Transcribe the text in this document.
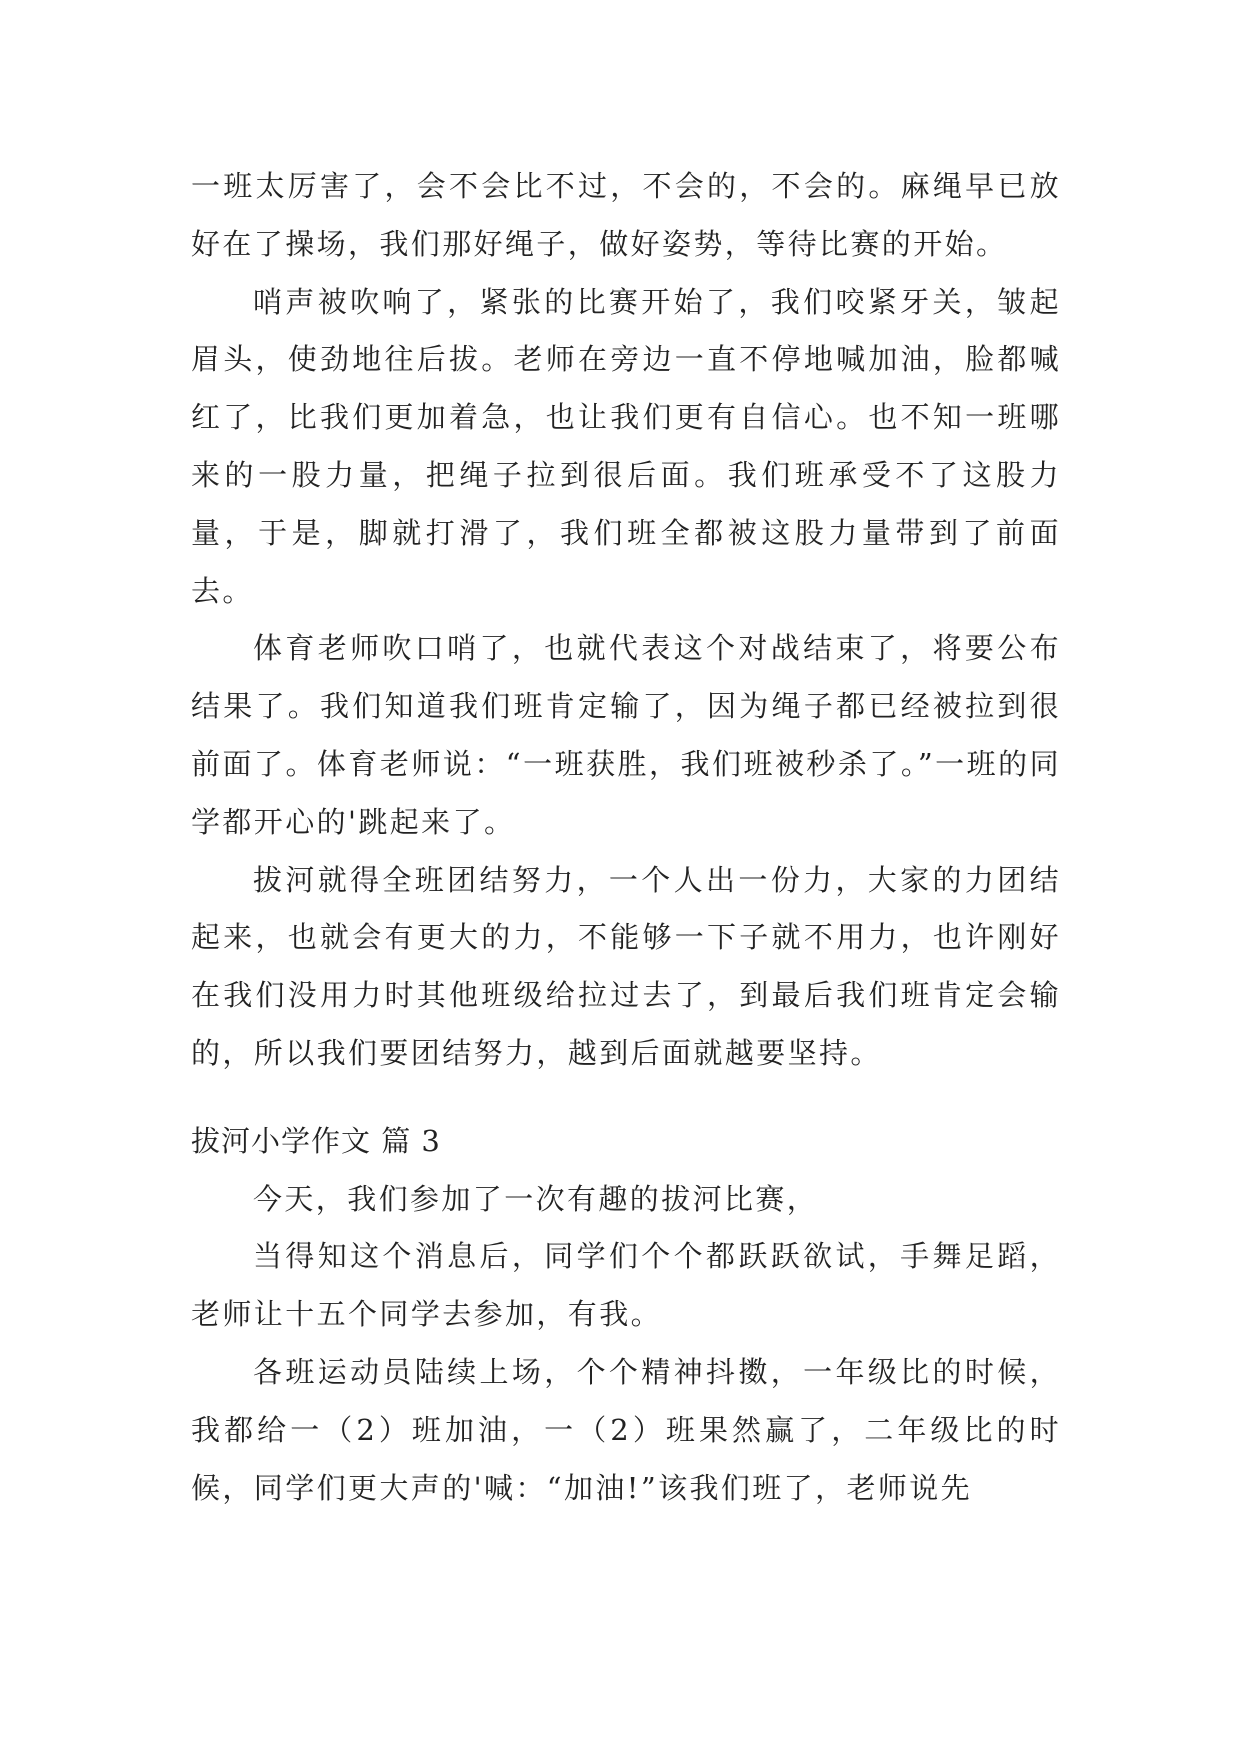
一班太厉害了，会不会比不过，不会的，不会的。麻绳早已放好在了操场，我们那好绳子，做好姿势，等待比赛的开始。

哨声被吹响了，紧张的比赛开始了，我们咬紧牙关，皱起眉头，使劲地往后拔。老师在旁边一直不停地喊加油，脸都喊红了，比我们更加着急，也让我们更有自信心。也不知一班哪来的一股力量，把绳子拉到很后面。我们班承受不了这股力量，于是，脚就打滑了，我们班全都被这股力量带到了前面去。

体育老师吹口哨了，也就代表这个对战结束了，将要公布结果了。我们知道我们班肯定输了，因为绳子都已经被拉到很前面了。体育老师说：“一班获胜，我们班被秒杀了。”一班的同学都开心的'跳起来了。

拔河就得全班团结努力，一个人出一份力，大家的力团结起来，也就会有更大的力，不能够一下子就不用力，也许刚好在我们没用力时其他班级给拉过去了，到最后我们班肯定会输的，所以我们要团结努力，越到后面就越要坚持。

拔河小学作文 篇 3

今天，我们参加了一次有趣的拔河比赛，

当得知这个消息后，同学们个个都跃跃欲试，手舞足蹈，老师让十五个同学去参加，有我。

各班运动员陆续上场，个个精神抖擞，一年级比的时候，我都给一（2）班加油，一（2）班果然赢了，二年级比的时候，同学们更大声的'喊：“加油!”该我们班了，老师说先
